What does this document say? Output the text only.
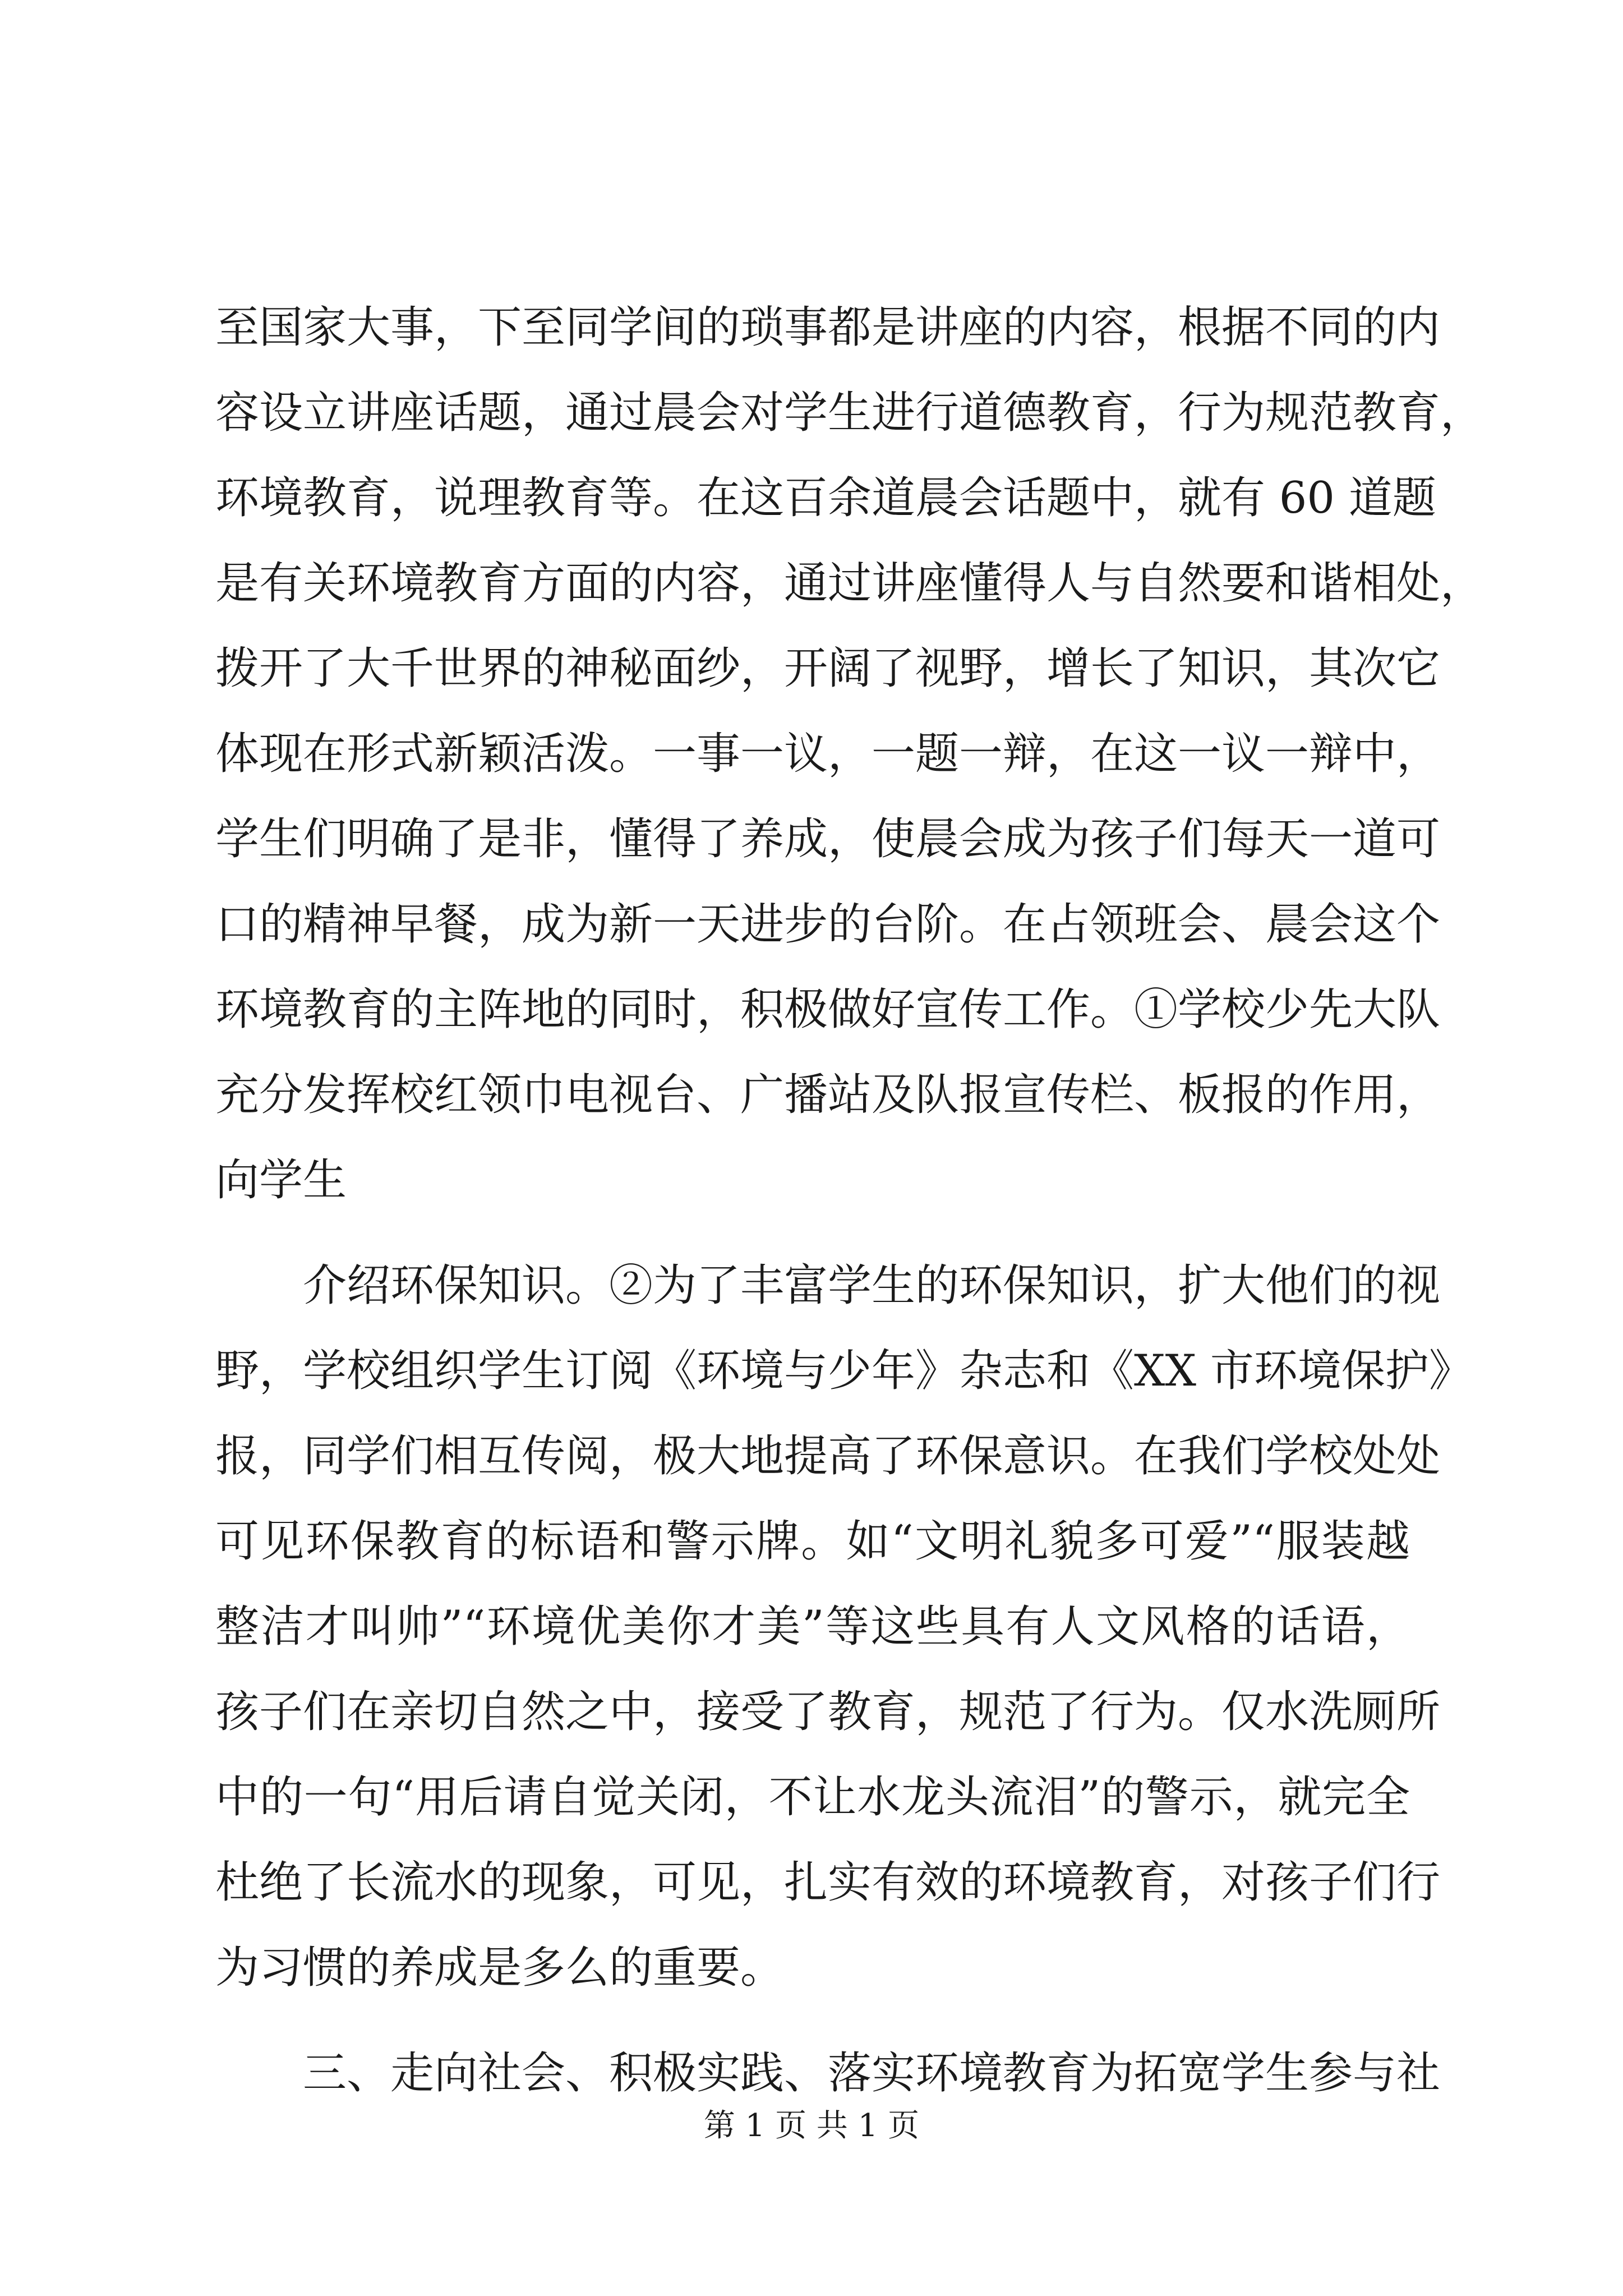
至国家大事，下至同学间的琐事都是讲座的内容，根据不同的内
容设立讲座话题，通过晨会对学生进行道德教育，行为规范教育，
环境教育，说理教育等。在这百余道晨会话题中，就有 60 道题
是有关环境教育方面的内容，通过讲座懂得人与自然要和谐相处，
拨开了大千世界的神秘面纱，开阔了视野，增长了知识，其次它
体现在形式新颖活泼。一事一议，一题一辩，在这一议一辩中，
学生们明确了是非，懂得了养成，使晨会成为孩子们每天一道可
口的精神早餐，成为新一天进步的台阶。在占领班会、晨会这个
环境教育的主阵地的同时，积极做好宣传工作。①学校少先大队
充分发挥校红领巾电视台、广播站及队报宣传栏、板报的作用，
向学生
介绍环保知识。②为了丰富学生的环保知识，扩大他们的视
野，学校组织学生订阅《环境与少年》杂志和《XX 市环境保护》
报，同学们相互传阅，极大地提高了环保意识。在我们学校处处
可见环保教育的标语和警示牌。如“文明礼貌多可爱”“服装越
整洁才叫帅”“环境优美你才美”等这些具有人文风格的话语，
孩子们在亲切自然之中，接受了教育，规范了行为。仅水洗厕所
中的一句“用后请自觉关闭，不让水龙头流泪”的警示，就完全
杜绝了长流水的现象，可见，扎实有效的环境教育，对孩子们行
为习惯的养成是多么的重要。
三、走向社会、积极实践、落实环境教育为拓宽学生参与社
第 1 页 共 1 页
